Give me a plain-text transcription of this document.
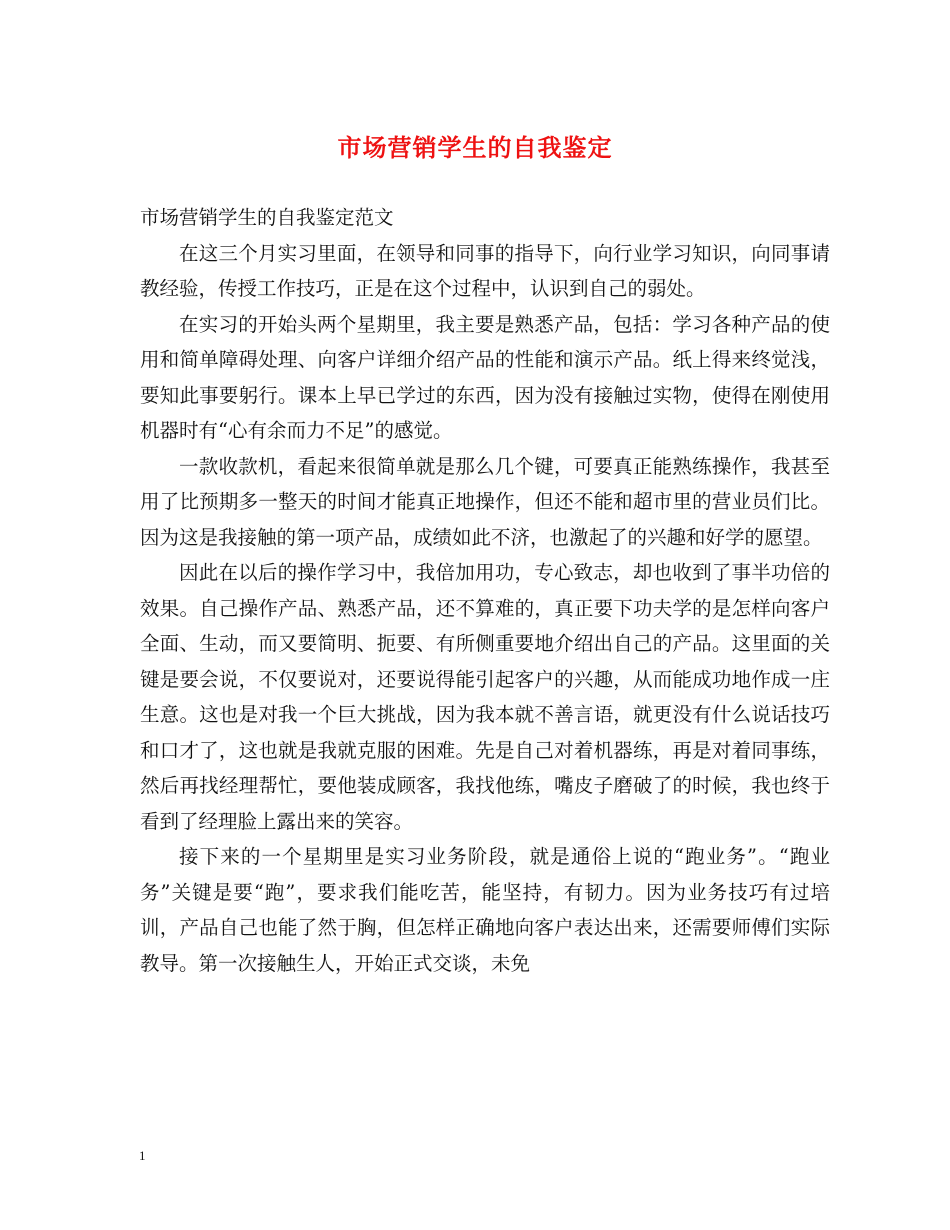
市场营销学生的自我鉴定

市场营销学生的自我鉴定范文

在这三个月实习里面，在领导和同事的指导下，向行业学习知识，向同事请教经验，传授工作技巧，正是在这个过程中，认识到自己的弱处。

在实习的开始头两个星期里，我主要是熟悉产品，包括：学习各种产品的使用和简单障碍处理、向客户详细介绍产品的性能和演示产品。纸上得来终觉浅，要知此事要躬行。课本上早已学过的东西，因为没有接触过实物，使得在刚使用机器时有“心有余而力不足”的感觉。

一款收款机，看起来很简单就是那么几个键，可要真正能熟练操作，我甚至用了比预期多一整天的时间才能真正地操作，但还不能和超市里的营业员们比。因为这是我接触的第一项产品，成绩如此不济，也激起了的兴趣和好学的愿望。

因此在以后的操作学习中，我倍加用功，专心致志，却也收到了事半功倍的效果。自己操作产品、熟悉产品，还不算难的，真正要下功夫学的是怎样向客户全面、生动，而又要简明、扼要、有所侧重要地介绍出自己的产品。这里面的关键是要会说，不仅要说对，还要说得能引起客户的兴趣，从而能成功地作成一庄生意。这也是对我一个巨大挑战，因为我本就不善言语，就更没有什么说话技巧和口才了，这也就是我就克服的困难。先是自己对着机器练，再是对着同事练，然后再找经理帮忙，要他装成顾客，我找他练，嘴皮子磨破了的时候，我也终于看到了经理脸上露出来的笑容。

接下来的一个星期里是实习业务阶段，就是通俗上说的“跑业务”。“跑业务”关键是要“跑”，要求我们能吃苦，能坚持，有韧力。因为业务技巧有过培训，产品自己也能了然于胸，但怎样正确地向客户表达出来，还需要师傅们实际教导。第一次接触生人，开始正式交谈，未免

1
